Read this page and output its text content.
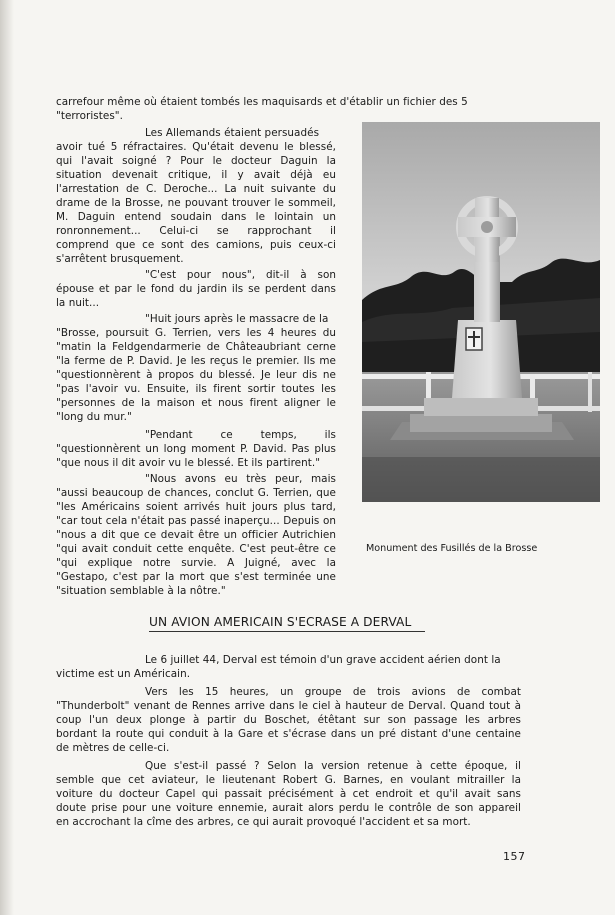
carrefour même où étaient tombés les maquisards et d'établir un fichier des 5
"terroristes".
Les Allemands étaient persuadés
avoir tué 5 réfractaires. Qu'était devenu le blessé,
qui l'avait soigné ? Pour le docteur Daguin la
situation devenait critique, il y avait déjà eu
l'arrestation de C. Deroche... La nuit suivante du
drame de la Brosse, ne pouvant trouver le sommeil,
M. Daguin entend soudain dans le lointain un
ronronnement... Celui-ci se rapprochant il
comprend que ce sont des camions, puis ceux-ci
s'arrêtent brusquement.
"C'est pour nous", dit-il à son
épouse et par le fond du jardin ils se perdent dans
la nuit...
"Huit jours après le massacre de la
"Brosse, poursuit G. Terrien, vers les 4 heures du
"matin la Feldgendarmerie de Châteaubriant cerne
"la ferme de P. David. Je les reçus le premier. Ils me
"questionnèrent à propos du blessé. Je leur dis ne
"pas l'avoir vu. Ensuite, ils firent sortir toutes les
"personnes de la maison et nous firent aligner le
"long du mur."
"Pendant ce temps, ils
"questionnèrent un long moment P. David. Pas plus
"que nous il dit avoir vu le blessé. Et ils partirent."
"Nous avons eu très peur, mais
"aussi beaucoup de chances, conclut G. Terrien, que
"les Américains soient arrivés huit jours plus tard,
"car tout cela n'était pas passé inaperçu... Depuis on
"nous a dit que ce devait être un officier Autrichien
"qui avait conduit cette enquête. C'est peut-être ce
"qui explique notre survie. A Juigné, avec la
"Gestapo, c'est par la mort que s'est terminée une
"situation semblable à la nôtre."
Monument des Fusillés de la Brosse
UN AVION AMERICAIN S'ECRASE A DERVAL
Le 6 juillet 44, Derval est témoin d'un grave accident aérien dont la
victime est un Américain.
Vers les 15 heures, un groupe de trois avions de combat
"Thunderbolt" venant de Rennes arrive dans le ciel à hauteur de Derval. Quand tout à
coup l'un deux plonge à partir du Boschet, étêtant sur son passage les arbres
bordant la route qui conduit à la Gare et s'écrase dans un pré distant d'une centaine
de mètres de celle-ci.
Que s'est-il passé ? Selon la version retenue à cette époque, il
semble que cet aviateur, le lieutenant Robert G. Barnes, en voulant mitrailler la
voiture du docteur Capel qui passait précisément à cet endroit et qu'il avait sans
doute prise pour une voiture ennemie, aurait alors perdu le contrôle de son appareil
en accrochant la cîme des arbres, ce qui aurait provoqué l'accident et sa mort.
157
